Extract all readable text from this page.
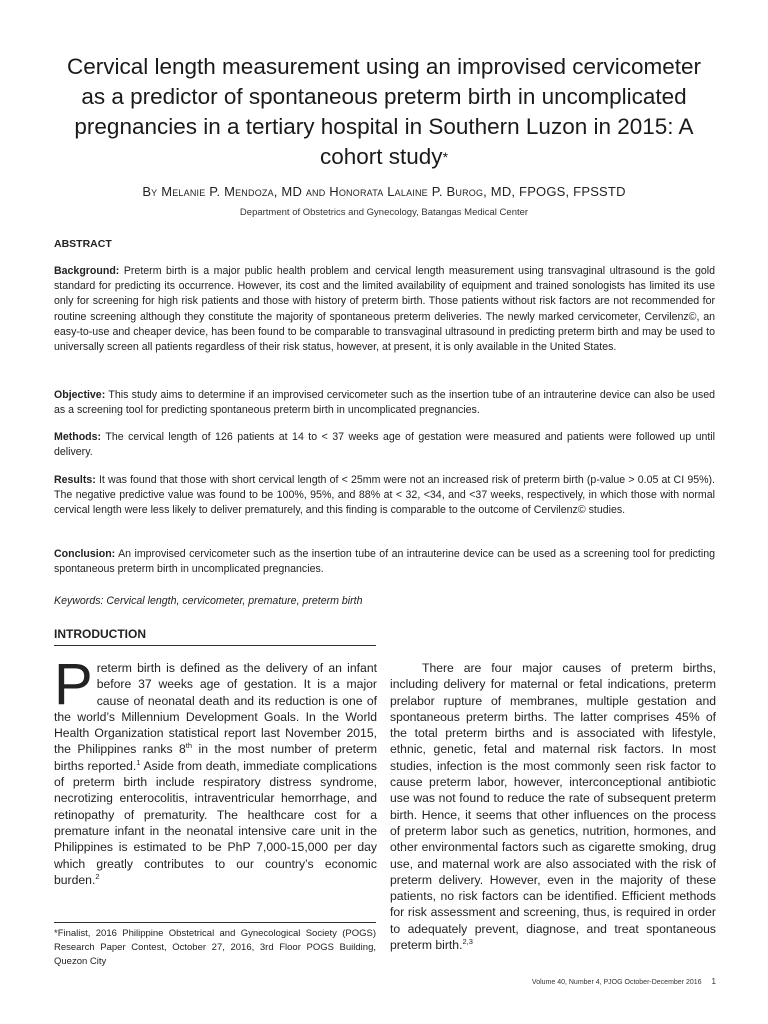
Cervical length measurement using an improvised cervicometer as a predictor of spontaneous preterm birth in uncomplicated pregnancies in a tertiary hospital in Southern Luzon in 2015: A cohort study*
By Melanie P. Mendoza, MD and Honorata Lalaine P. Burog, MD, FPOGS, FPSSTD
Department of Obstetrics and Gynecology, Batangas Medical Center
ABSTRACT

Background: Preterm birth is a major public health problem and cervical length measurement using transvaginal ultrasound is the gold standard for predicting its occurrence. However, its cost and the limited availability of equipment and trained sonologists has limited its use only for screening for high risk patients and those with history of preterm birth. Those patients without risk factors are not recommended for routine screening although they constitute the majority of spontaneous preterm deliveries. The newly marked cervicometer, Cervilenz©, an easy-to-use and cheaper device, has been found to be comparable to transvaginal ultrasound in predicting preterm birth and may be used to universally screen all patients regardless of their risk status, however, at present, it is only available in the United States.

Objective: This study aims to determine if an improvised cervicometer such as the insertion tube of an intrauterine device can also be used as a screening tool for predicting spontaneous preterm birth in uncomplicated pregnancies.

Methods: The cervical length of 126 patients at 14 to < 37 weeks age of gestation were measured and patients were followed up until delivery.

Results: It was found that those with short cervical length of < 25mm were not an increased risk of preterm birth (p-value > 0.05 at CI 95%). The negative predictive value was found to be 100%, 95%, and 88% at < 32, <34, and <37 weeks, respectively, in which those with normal cervical length were less likely to deliver prematurely, and this finding is comparable to the outcome of Cervilenz© studies.

Conclusion: An improvised cervicometer such as the insertion tube of an intrauterine device can be used as a screening tool for predicting spontaneous preterm birth in uncomplicated pregnancies.

Keywords: Cervical length, cervicometer, premature, preterm birth

INTRODUCTION

Preterm birth is defined as the delivery of an infant before 37 weeks age of gestation. It is a major cause of neonatal death and its reduction is one of the world’s Millennium Development Goals. In the World Health Organization statistical report last November 2015, the Philippines ranks 8th in the most number of preterm births reported.$^1$ Aside from death, immediate complications of preterm birth include respiratory distress syndrome, necrotizing enterocolitis, intraventricular hemorrhage, and retinopathy of prematurity. The healthcare cost for a premature infant in the neonatal intensive care unit in the Philippines is estimated to be PhP 7,000-15,000 per day which greatly contributes to our country’s economic burden.$^2$

There are four major causes of preterm births, including delivery for maternal or fetal indications, preterm prelabor rupture of membranes, multiple gestation and spontaneous preterm births. The latter comprises 45% of the total preterm births and is associated with lifestyle, ethnic, genetic, fetal and maternal risk factors. In most studies, infection is the most commonly seen risk factor to cause preterm labor, however, interconceptional antibiotic use was not found to reduce the rate of subsequent preterm birth. Hence, it seems that other influences on the process of preterm labor such as genetics, nutrition, hormones, and other environmental factors such as cigarette smoking, drug use, and maternal work are also associated with the risk of preterm delivery. However, even in the majority of these patients, no risk factors can be identified. Efficient methods for risk assessment and screening, thus, is required in order to adequately prevent, diagnose, and treat spontaneous preterm birth.$^{2,3}$

*Finalist, 2016 Philippine Obstetrical and Gynecological Society (POGS) Research Paper Contest, October 27, 2016, 3rd Floor POGS Building, Quezon City

Volume 40, Number 4, PJOG October-December 2016 1
